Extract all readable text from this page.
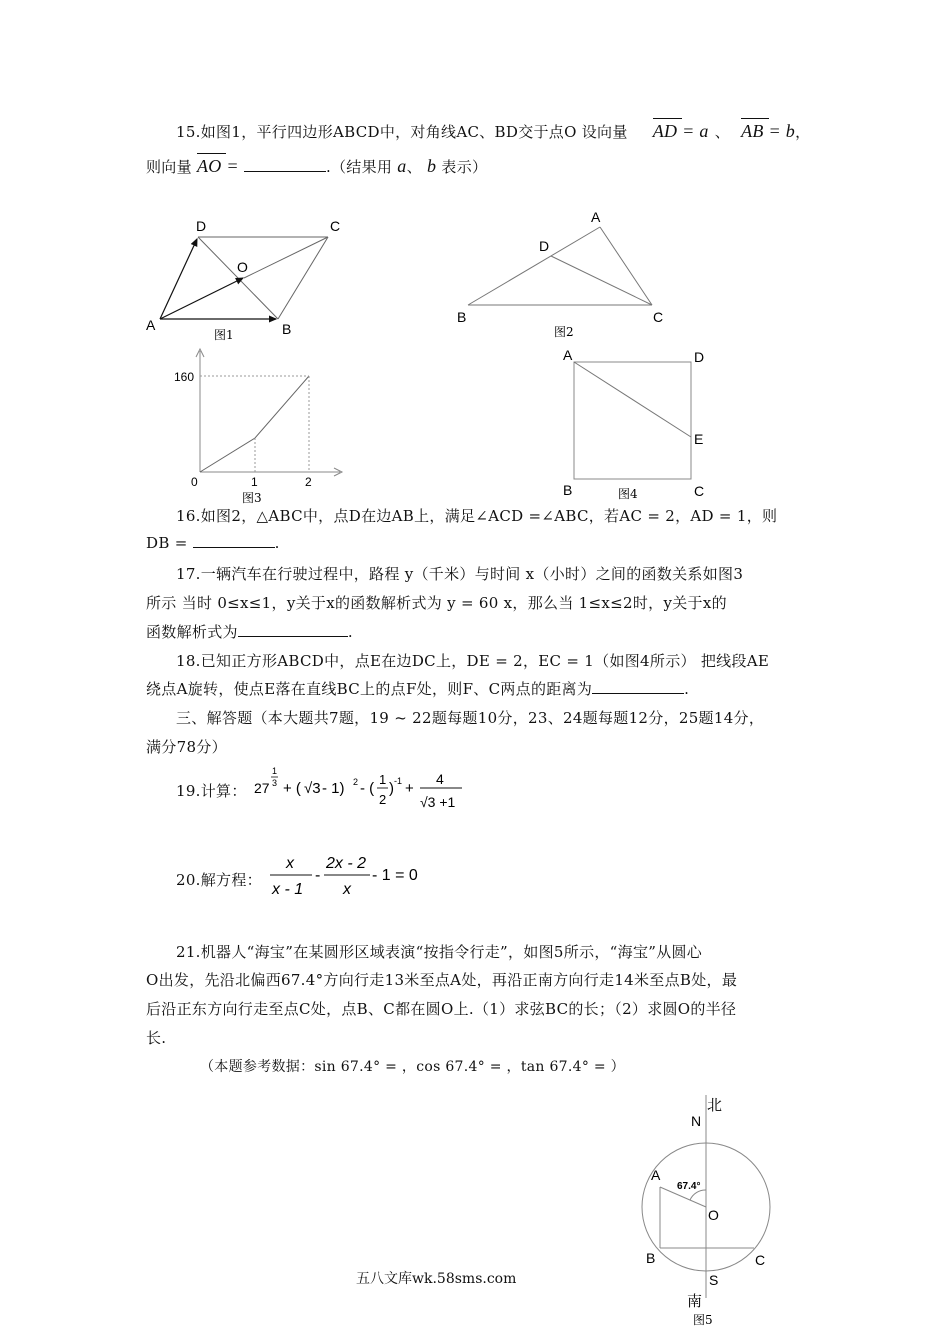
15.如图1，平行四边形ABCD中，对角线AC、BD交于点O 设向量 AD = a 、 AB = b，
则向量 AO =	.（结果用 a、 b 表示）
D	C
O
A	B
图1
A
D
B	C
图2
160
0	1	2
图3
A	D
E
B	C
图4
16.如图2，△ABC中，点D在边AB上，满足∠ACD =∠ABC，若AC = 2，AD = 1，则
DB =	.
17.一辆汽车在行驶过程中，路程 y（千米）与时间 x（小时）之间的函数关系如图3
所示 当时 0≤x≤1，y关于x的函数解析式为 y = 60 x，那么当 1≤x≤2时，y关于x的
函数解析式为	.
18.已知正方形ABCD中，点E在边DC上，DE = 2，EC = 1（如图4所示） 把线段AE
绕点A旋转，使点E落在直线BC上的点F处，则F、C两点的距离为	.
三、解答题（本大题共7题，19 ~ 22题每题10分，23、24题每题12分，25题14分，
满分78分）
19.计算： 27
1
3 + ( √3 - 1) 2 - (
1
2
) -1 +
4
√3 +1
20.解方程：
x
x - 1
-
2x - 2
x
- 1 = 0
21.机器人“海宝”在某圆形区域表演“按指令行走”，如图5所示，“海宝”从圆心
O出发，先沿北偏西67.4°方向行走13米至点A处，再沿正南方向行走14米至点B处，最
后沿正东方向行走至点C处，点B、C都在圆O上.（1）求弦BC的长；（2）求圆O的半径
长.
（本题参考数据：sin 67.4° = ，cos 67.4° = ，tan 67.4° = ）
北
N
A
67.4°
O
B	C
S
南
图5
五八文库wk.58sms.com
